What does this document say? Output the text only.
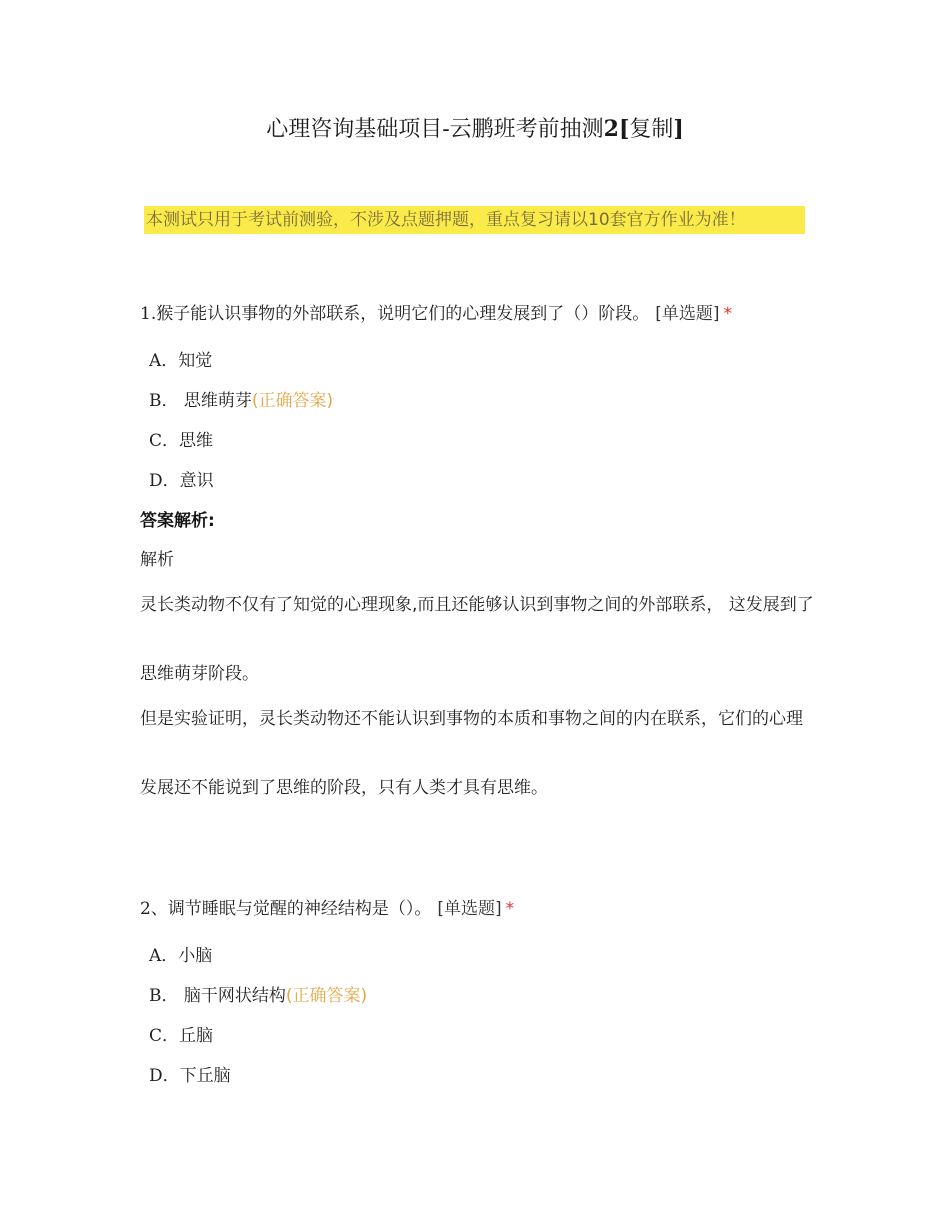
心理咨询基础项目-云鹏班考前抽测2[复制]
本测试只用于考试前测验，不涉及点题押题，重点复习请以10套官方作业为准！
1.猴子能认识事物的外部联系，说明它们的心理发展到了（）阶段。 [单选题] *
A．知觉
B． 思维萌芽(正确答案)
C．思维
D．意识
答案解析:
解析
灵长类动物不仅有了知觉的心理现象,而且还能够认识到事物之间的外部联系， 这发展到了
思维萌芽阶段。
但是实验证明，灵长类动物还不能认识到事物的本质和事物之间的内在联系，它们的心理
发展还不能说到了思维的阶段，只有人类才具有思维。
2、调节睡眠与觉醒的神经结构是（）。 [单选题] *
A．小脑
B． 脑干网状结构(正确答案)
C．丘脑
D．下丘脑
